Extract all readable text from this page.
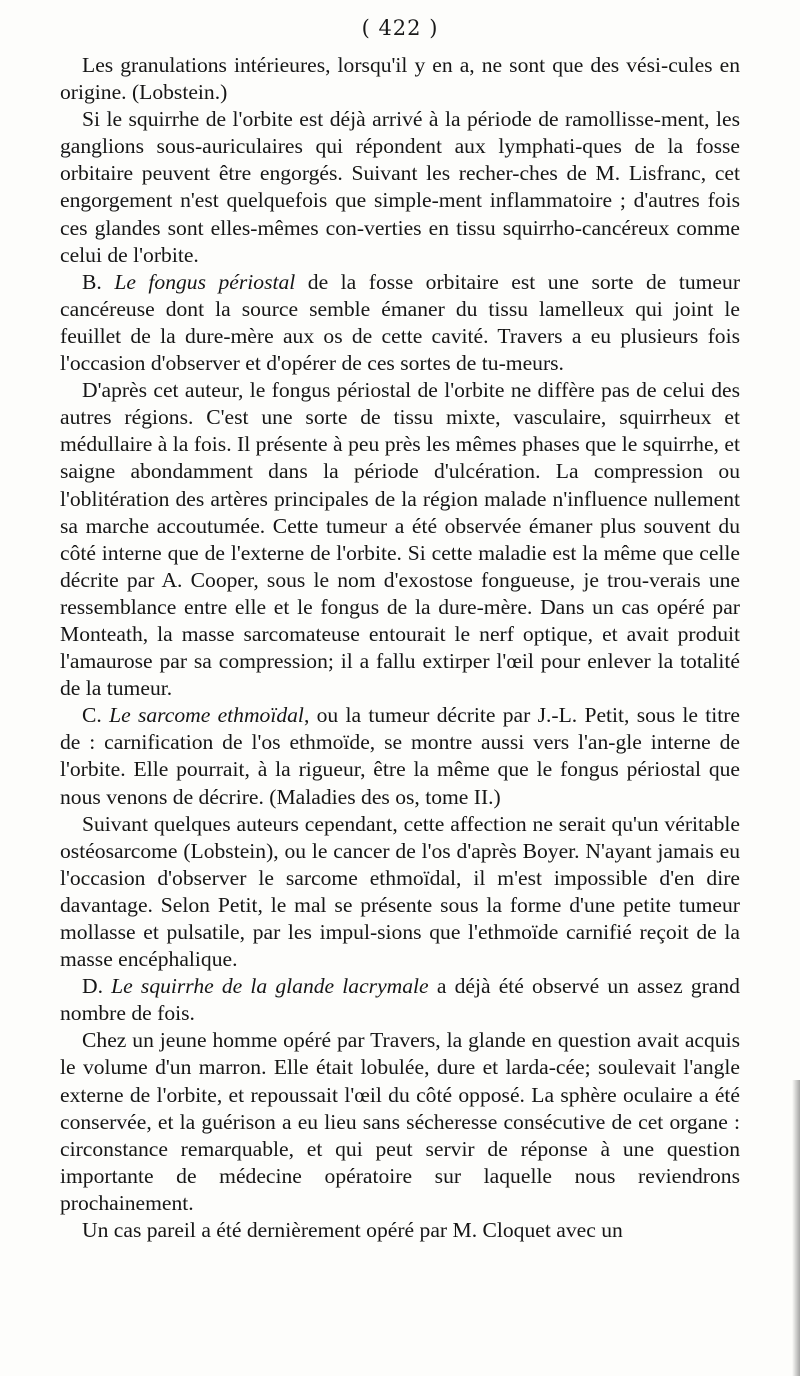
( 422 )

Les granulations intérieures, lorsqu'il y en a, ne sont que des vési-cules en origine. (Lobstein.)

Si le squirrhe de l'orbite est déjà arrivé à la période de ramollisse-ment, les ganglions sous-auriculaires qui répondent aux lymphati-ques de la fosse orbitaire peuvent être engorgés. Suivant les recher-ches de M. Lisfranc, cet engorgement n'est quelquefois que simple-ment inflammatoire ; d'autres fois ces glandes sont elles-mêmes con-verties en tissu squirrho-cancéreux comme celui de l'orbite.

B. Le fongus périostal de la fosse orbitaire est une sorte de tumeur cancéreuse dont la source semble émaner du tissu lamelleux qui joint le feuillet de la dure-mère aux os de cette cavité. Travers a eu plusieurs fois l'occasion d'observer et d'opérer de ces sortes de tu-meurs.

D'après cet auteur, le fongus périostal de l'orbite ne diffère pas de celui des autres régions. C'est une sorte de tissu mixte, vasculaire, squirrheux et médullaire à la fois. Il présente à peu près les mêmes phases que le squirrhe, et saigne abondamment dans la période d'ulcération. La compression ou l'oblitération des artères principales de la région malade n'influence nullement sa marche accoutumée. Cette tumeur a été observée émaner plus souvent du côté interne que de l'externe de l'orbite. Si cette maladie est la même que celle décrite par A. Cooper, sous le nom d'exostose fongueuse, je trou-verais une ressemblance entre elle et le fongus de la dure-mère. Dans un cas opéré par Monteath, la masse sarcomateuse entourait le nerf optique, et avait produit l'amaurose par sa compression; il a fallu extirper l'œil pour enlever la totalité de la tumeur.

C. Le sarcome ethmoïdal, ou la tumeur décrite par J.-L. Petit, sous le titre de : carnification de l'os ethmoïde, se montre aussi vers l'an-gle interne de l'orbite. Elle pourrait, à la rigueur, être la même que le fongus périostal que nous venons de décrire. (Maladies des os, tome II.)

Suivant quelques auteurs cependant, cette affection ne serait qu'un véritable ostéosarcome (Lobstein), ou le cancer de l'os d'après Boyer. N'ayant jamais eu l'occasion d'observer le sarcome ethmoïdal, il m'est impossible d'en dire davantage. Selon Petit, le mal se présente sous la forme d'une petite tumeur mollasse et pulsatile, par les impul-sions que l'ethmoïde carnifié reçoit de la masse encéphalique.

D. Le squirrhe de la glande lacrymale a déjà été observé un assez grand nombre de fois.

Chez un jeune homme opéré par Travers, la glande en question avait acquis le volume d'un marron. Elle était lobulée, dure et larda-cée; soulevait l'angle externe de l'orbite, et repoussait l'œil du côté opposé. La sphère oculaire a été conservée, et la guérison a eu lieu sans sécheresse consécutive de cet organe : circonstance remarquable, et qui peut servir de réponse à une question importante de médecine opératoire sur laquelle nous reviendrons prochainement.

Un cas pareil a été dernièrement opéré par M. Cloquet avec un
